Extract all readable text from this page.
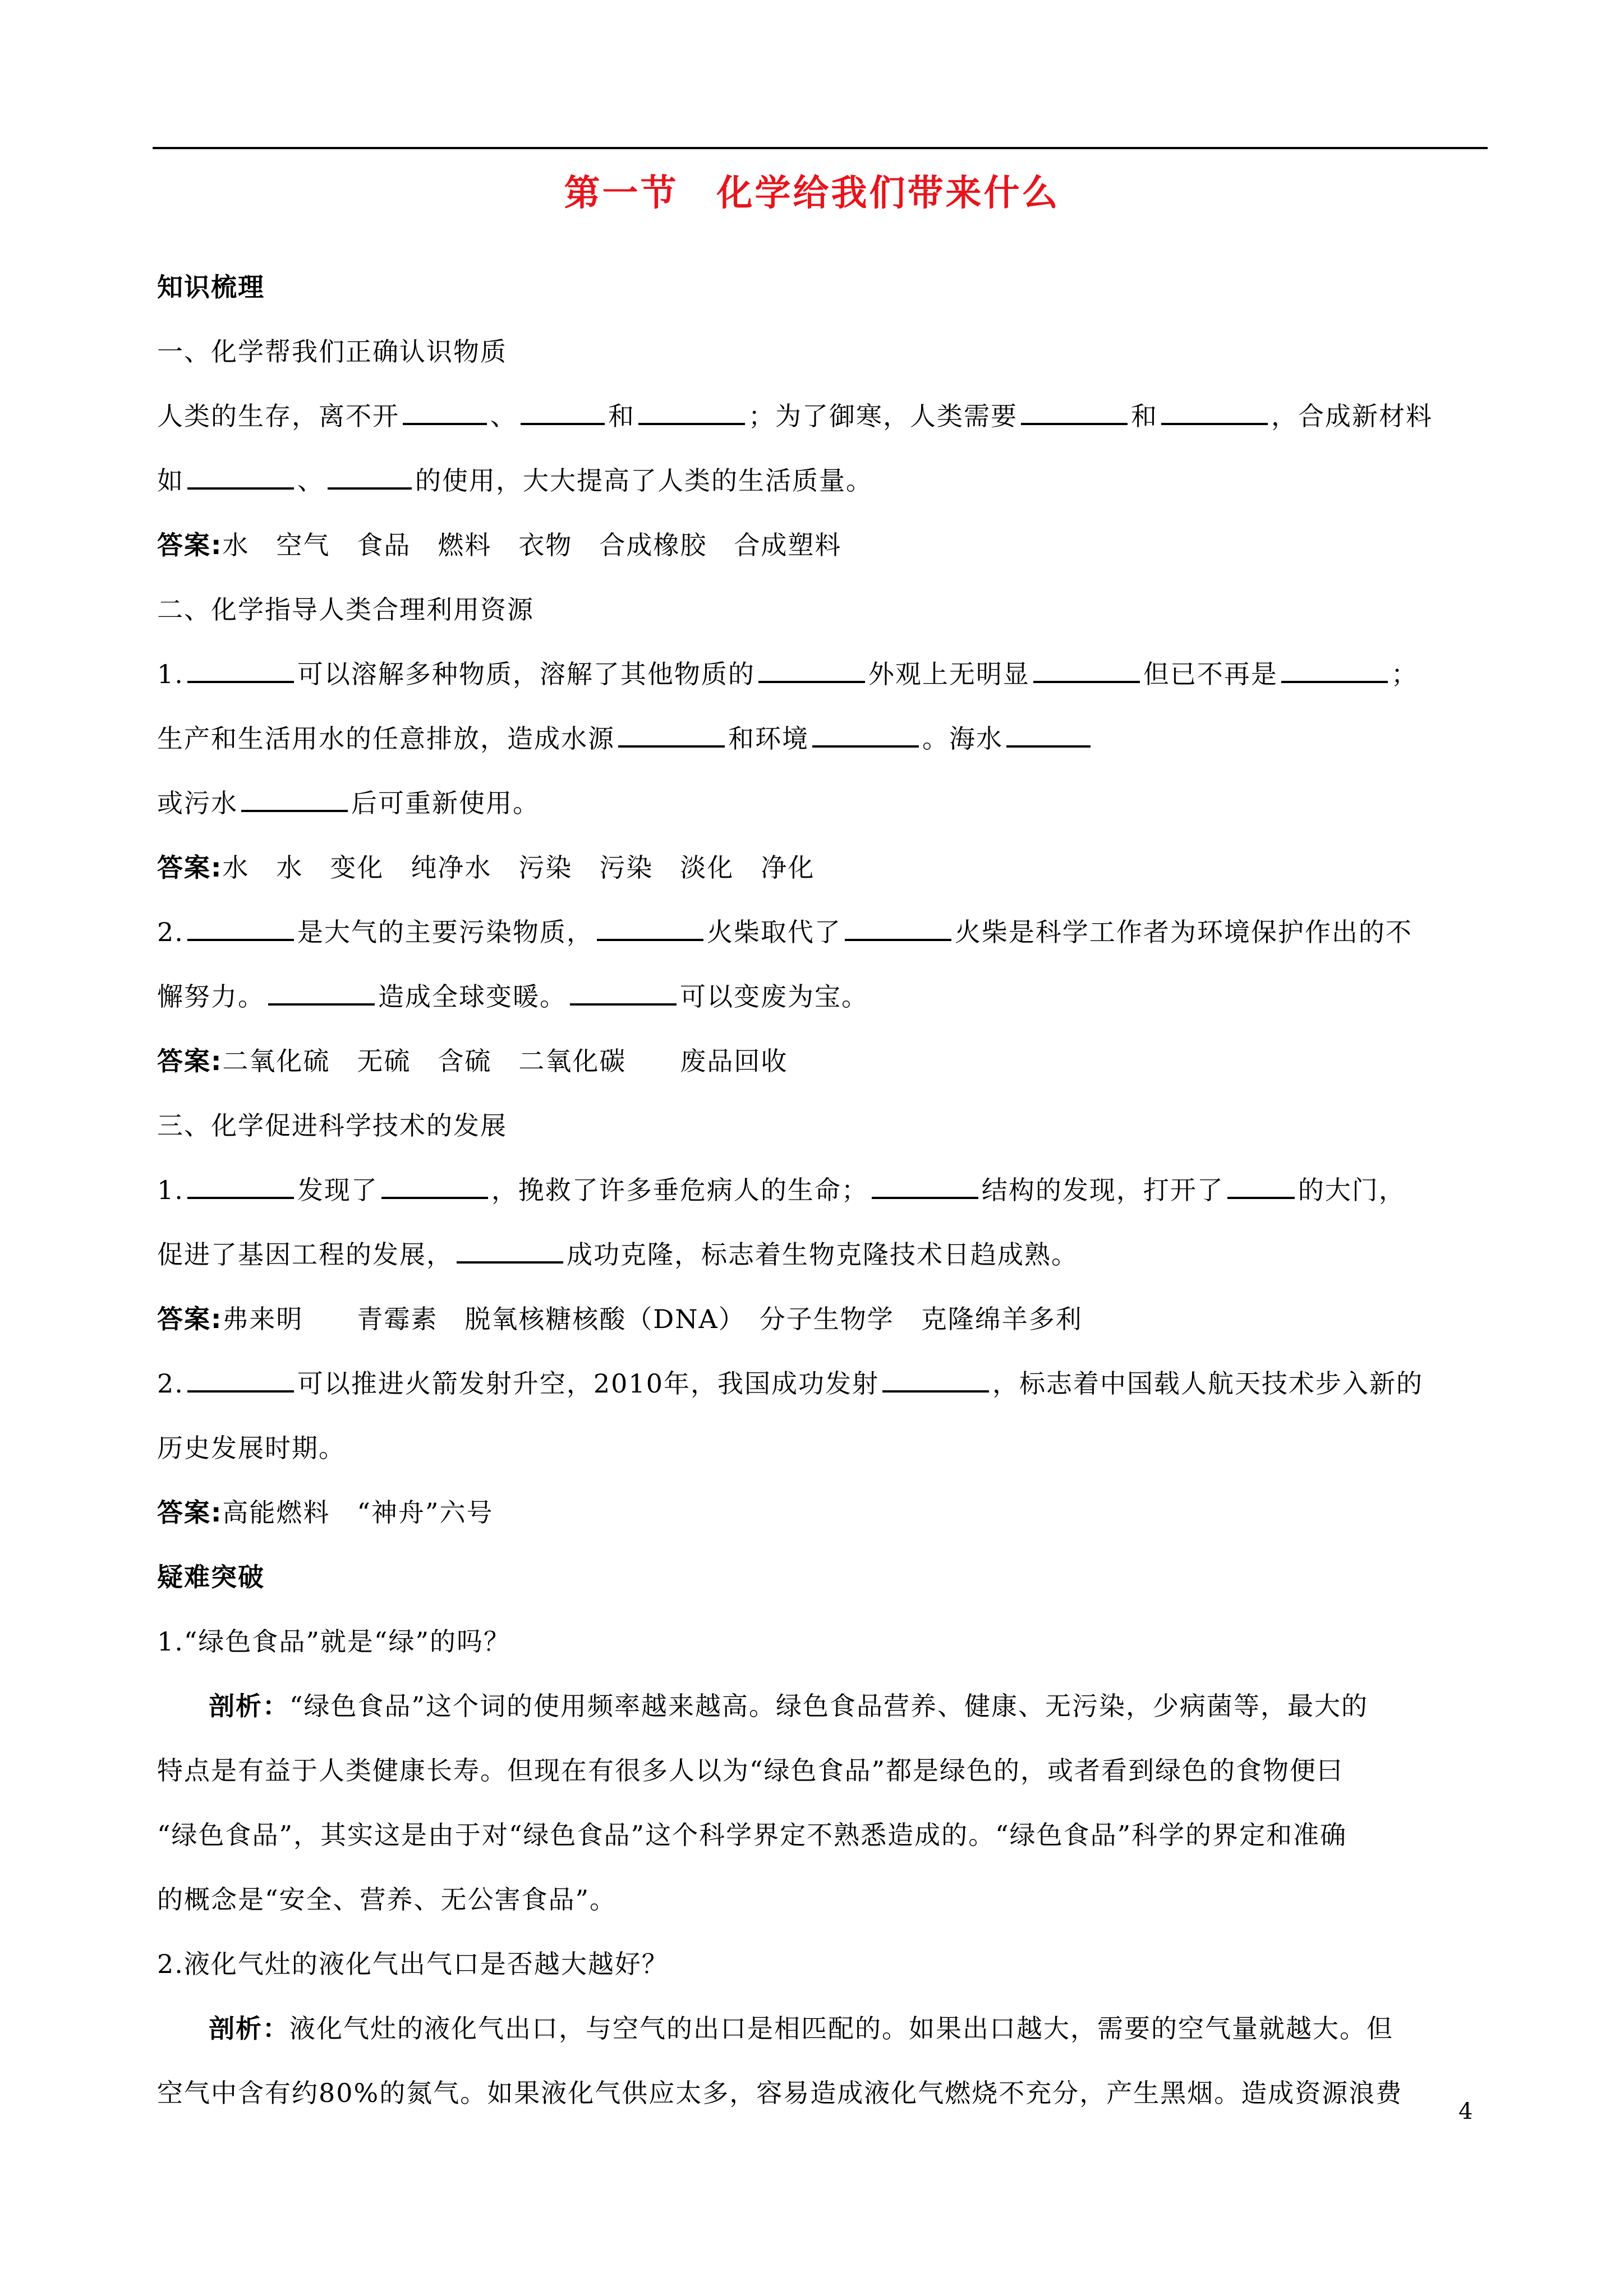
第一节　化学给我们带来什么
知识梳理
一、化学帮我们正确认识物质
人类的生存，离不开	、	和	；为了御寒，人类需要	和	，合成新材料
如	、	的使用，大大提高了人类的生活质量。
答案:水　空气　食品　燃料　衣物　合成橡胶　合成塑料
二、化学指导人类合理利用资源
1.	可以溶解多种物质，溶解了其他物质的	外观上无明显	但已不再是	；
生产和生活用水的任意排放，造成水源	和环境	。海水
或污水	后可重新使用。
答案:水　水　变化　纯净水　污染　污染　淡化　净化
2.	是大气的主要污染物质，	火柴取代了	火柴是科学工作者为环境保护作出的不
懈努力。	造成全球变暖。	可以变废为宝。
答案:二氧化硫　无硫　含硫　二氧化碳　　废品回收
三、化学促进科学技术的发展
1.	发现了	，挽救了许多垂危病人的生命；	结构的发现，打开了	的大门，
促进了基因工程的发展，	成功克隆，标志着生物克隆技术日趋成熟。
答案:弗来明　　青霉素　脱氧核糖核酸（DNA）　分子生物学　克隆绵羊多利
2.	可以推进火箭发射升空，2010年，我国成功发射	，标志着中国载人航天技术步入新的
历史发展时期。
答案:高能燃料　“神舟”六号
疑难突破
1.“绿色食品”就是“绿”的吗？
剖析：“绿色食品”这个词的使用频率越来越高。绿色食品营养、健康、无污染，少病菌等，最大的
特点是有益于人类健康长寿。但现在有很多人以为“绿色食品”都是绿色的，或者看到绿色的食物便曰
“绿色食品”，其实这是由于对“绿色食品”这个科学界定不熟悉造成的。“绿色食品”科学的界定和准确
的概念是“安全、营养、无公害食品”。
2.液化气灶的液化气出气口是否越大越好？
剖析：液化气灶的液化气出口，与空气的出口是相匹配的。如果出口越大，需要的空气量就越大。但
空气中含有约80%的氮气。如果液化气供应太多，容易造成液化气燃烧不充分，产生黑烟。造成资源浪费
4
